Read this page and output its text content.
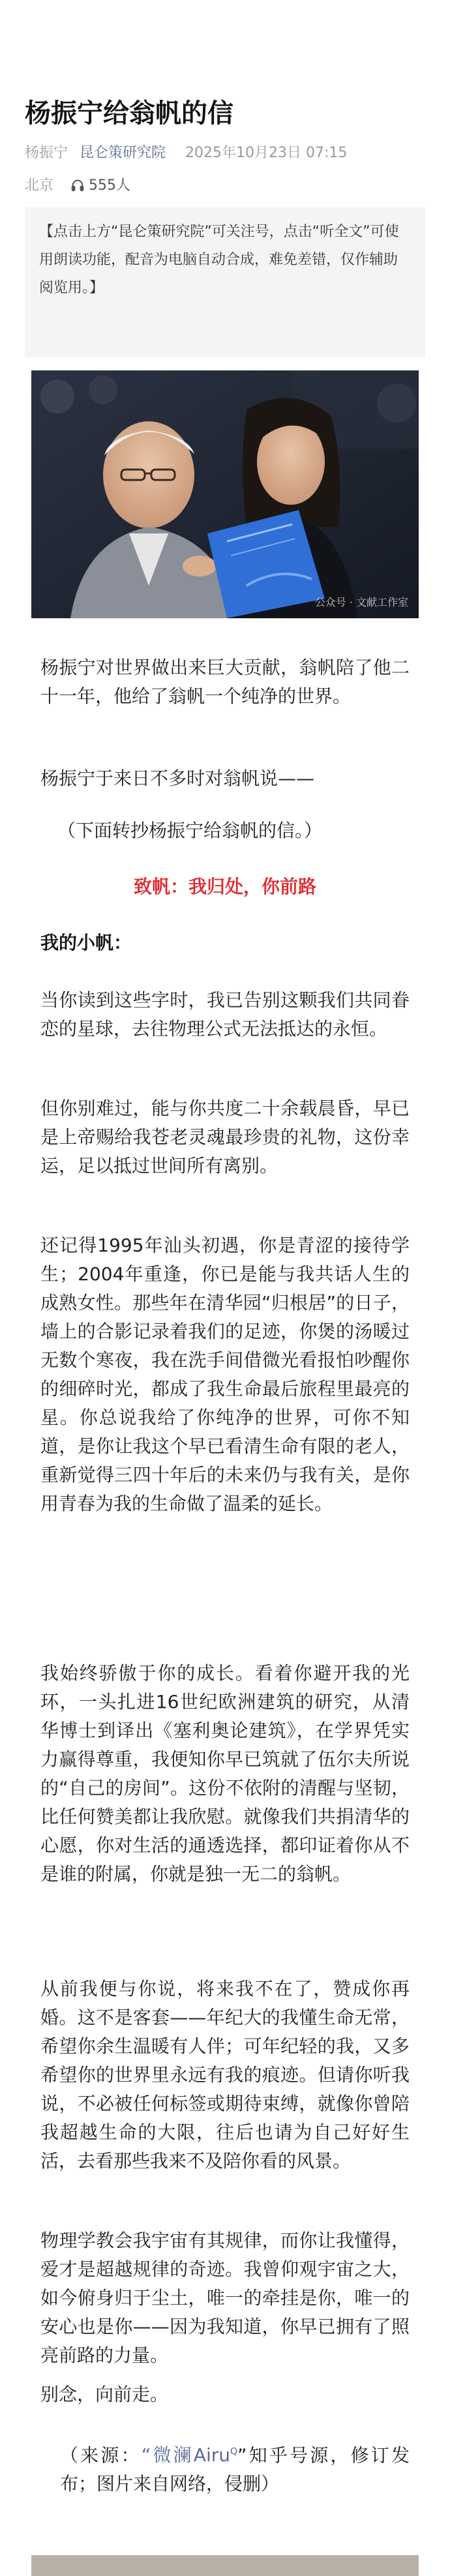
杨振宁给翁帆的信
杨振宁 昆仑策研究院 2025年10月23日 07:15
北京 555人
【点击上方“昆仑策研究院”可关注号，点击“听全文”可使用朗读功能，配音为电脑自动合成，难免差错，仅作辅助阅览用。】
公众号 · 文献工作室

杨振宁对世界做出来巨大贡献，翁帆陪了他二十一年，他给了翁帆一个纯净的世界。

杨振宁于来日不多时对翁帆说——

（下面转抄杨振宁给翁帆的信。）

致帆：我归处，你前路

我的小帆：

当你读到这些字时，我已告别这颗我们共同眷恋的星球，去往物理公式无法抵达的永恒。

但你别难过，能与你共度二十余载晨昏，早已是上帝赐给我苍老灵魂最珍贵的礼物，这份幸运，足以抵过世间所有离别。

还记得1995年汕头初遇，你是青涩的接待学生；2004年重逢，你已是能与我共话人生的成熟女性。那些年在清华园“归根居”的日子，墙上的合影记录着我们的足迹，你煲的汤暖过无数个寒夜，我在洗手间借微光看报怕吵醒你的细碎时光，都成了我生命最后旅程里最亮的星。你总说我给了你纯净的世界，可你不知道，是你让我这个早已看清生命有限的老人，重新觉得三四十年后的未来仍与我有关，是你用青春为我的生命做了温柔的延长。

我始终骄傲于你的成长。看着你避开我的光环，一头扎进16世纪欧洲建筑的研究，从清华博士到译出《塞利奥论建筑》，在学界凭实力赢得尊重，我便知你早已筑就了伍尔夫所说的“自己的房间”。这份不依附的清醒与坚韧，比任何赞美都让我欣慰。就像我们共捐清华的心愿，你对生活的通透选择，都印证着你从不是谁的附属，你就是独一无二的翁帆。

从前我便与你说，将来我不在了，赞成你再婚。这不是客套——年纪大的我懂生命无常，希望你余生温暖有人伴；可年纪轻的我，又多希望你的世界里永远有我的痕迹。但请你听我说，不必被任何标签或期待束缚，就像你曾陪我超越生命的大限，往后也请为自己好好生活，去看那些我来不及陪你看的风景。

物理学教会我宇宙有其规律，而你让我懂得，爱才是超越规律的奇迹。我曾仰观宇宙之大，如今俯身归于尘土，唯一的牵挂是你，唯一的安心也是你——因为我知道，你早已拥有了照亮前路的力量。

别念，向前走。

（来源：“微澜Airu$^Q$”知乎号源，修订发布；图片来自网络，侵删）
